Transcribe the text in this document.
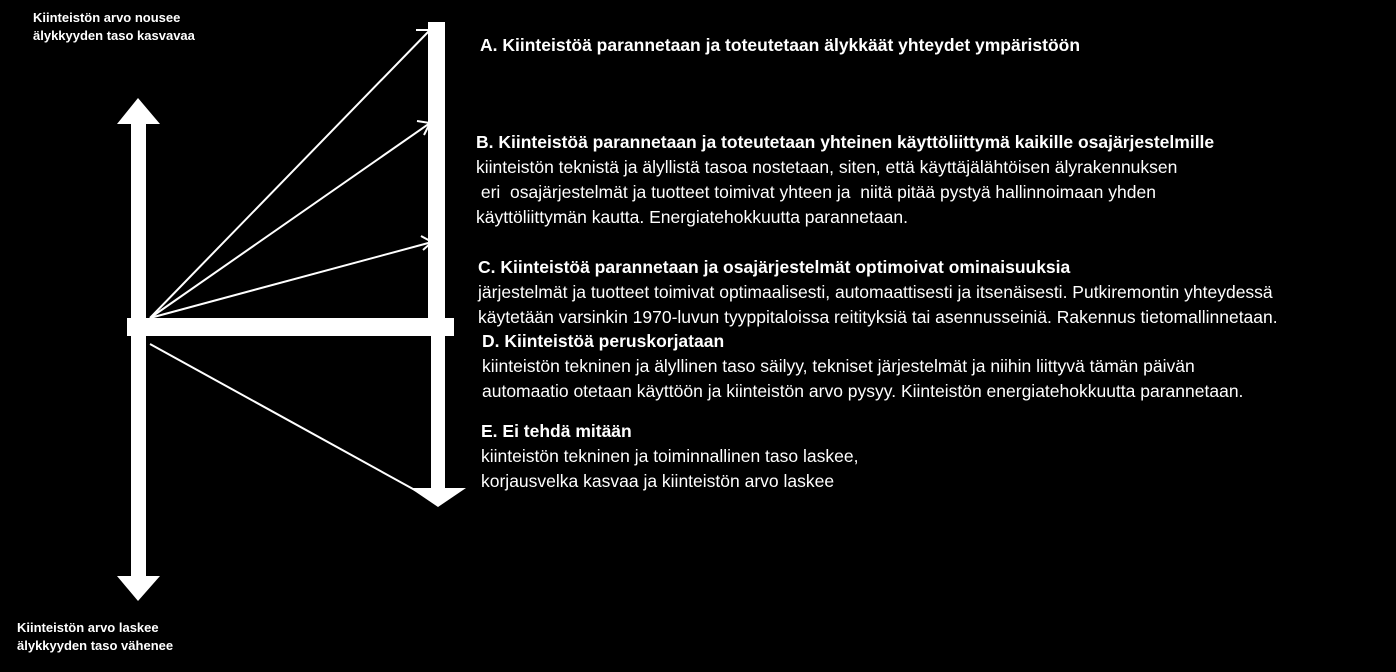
Kiinteistön arvo nousee
älykkyyden taso kasvavaa
Kiinteistön arvo laskee
älykkyyden taso vähenee
A. Kiinteistöä parannetaan ja toteutetaan älykkäät yhteydet ympäristöön
B. Kiinteistöä parannetaan ja toteutetaan yhteinen käyttöliittymä kaikille osajärjestelmille
kiinteistön teknistä ja älyllistä tasoa nostetaan, siten, että käyttäjälähtöisen älyrakennuksen
eri  osajärjestelmät ja tuotteet toimivat yhteen ja  niitä pitää pystyä hallinnoimaan yhden
käyttöliittymän kautta. Energiatehokkuutta parannetaan.
C. Kiinteistöä parannetaan ja osajärjestelmät optimoivat ominaisuuksia
järjestelmät ja tuotteet toimivat optimaalisesti, automaattisesti ja itsenäisesti. Putkiremontin yhteydessä
käytetään varsinkin 1970-luvun tyyppitaloissa reitityksiä tai asennusseiniä. Rakennus tietomallinnetaan.
D. Kiinteistöä peruskorjataan
kiinteistön tekninen ja älyllinen taso säilyy, tekniset järjestelmät ja niihin liittyvä tämän päivän
automaatio otetaan käyttöön ja kiinteistön arvo pysyy. Kiinteistön energiatehokkuutta parannetaan.
E. Ei tehdä mitään
kiinteistön tekninen ja toiminnallinen taso laskee,
korjausvelka kasvaa ja kiinteistön arvo laskee
